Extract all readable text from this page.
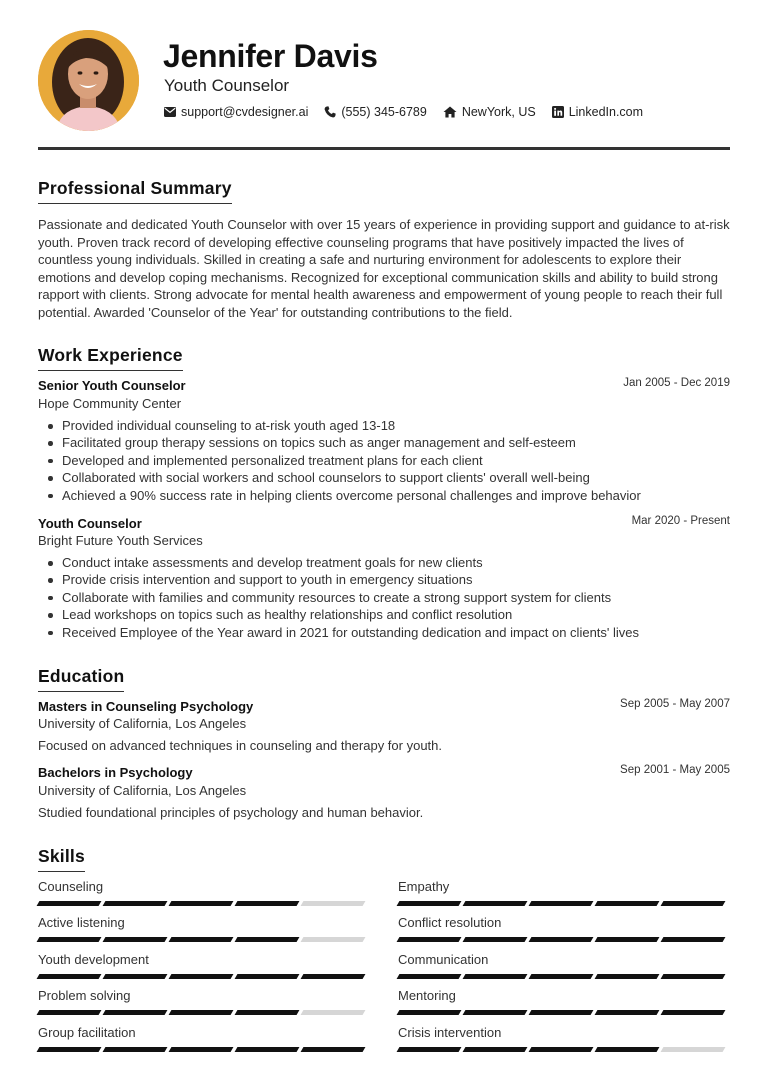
Jennifer Davis
Youth Counselor
support@cvdesigner.ai	(555) 345-6789	NewYork, US	LinkedIn.com
Professional Summary
Passionate and dedicated Youth Counselor with over 15 years of experience in providing support and guidance to at-risk youth. Proven track record of developing effective counseling programs that have positively impacted the lives of countless young individuals. Skilled in creating a safe and nurturing environment for adolescents to explore their emotions and develop coping mechanisms. Recognized for exceptional communication skills and ability to build strong rapport with clients. Strong advocate for mental health awareness and empowerment of young people to reach their full potential. Awarded 'Counselor of the Year' for outstanding contributions to the field.
Work Experience
Senior Youth Counselor	Jan 2005 - Dec 2019
Hope Community Center
Provided individual counseling to at-risk youth aged 13-18
Facilitated group therapy sessions on topics such as anger management and self-esteem
Developed and implemented personalized treatment plans for each client
Collaborated with social workers and school counselors to support clients' overall well-being
Achieved a 90% success rate in helping clients overcome personal challenges and improve behavior
Youth Counselor	Mar 2020 - Present
Bright Future Youth Services
Conduct intake assessments and develop treatment goals for new clients
Provide crisis intervention and support to youth in emergency situations
Collaborate with families and community resources to create a strong support system for clients
Lead workshops on topics such as healthy relationships and conflict resolution
Received Employee of the Year award in 2021 for outstanding dedication and impact on clients' lives
Education
Masters in Counseling Psychology	Sep 2005 - May 2007
University of California, Los Angeles
Focused on advanced techniques in counseling and therapy for youth.
Bachelors in Psychology	Sep 2001 - May 2005
University of California, Los Angeles
Studied foundational principles of psychology and human behavior.
Skills
Counseling	Empathy
Active listening	Conflict resolution
Youth development	Communication
Problem solving	Mentoring
Group facilitation	Crisis intervention
